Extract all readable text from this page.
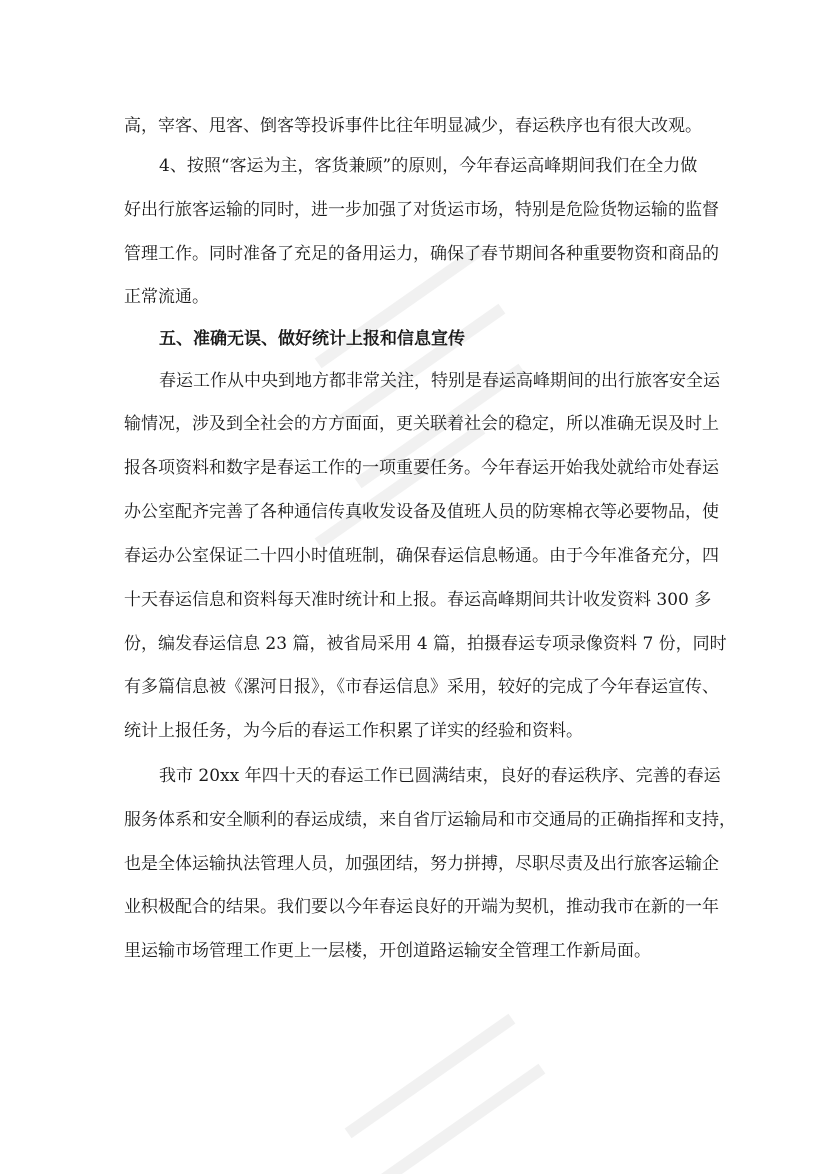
高，宰客、甩客、倒客等投诉事件比往年明显减少，春运秩序也有很大改观。
4、按照“客运为主，客货兼顾”的原则，今年春运高峰期间我们在全力做
好出行旅客运输的同时，进一步加强了对货运市场，特别是危险货物运输的监督
管理工作。同时准备了充足的备用运力，确保了春节期间各种重要物资和商品的
正常流通。
五、准确无误、做好统计上报和信息宣传
春运工作从中央到地方都非常关注，特别是春运高峰期间的出行旅客安全运
输情况，涉及到全社会的方方面面，更关联着社会的稳定，所以准确无误及时上
报各项资料和数字是春运工作的一项重要任务。今年春运开始我处就给市处春运
办公室配齐完善了各种通信传真收发设备及值班人员的防寒棉衣等必要物品，使
春运办公室保证二十四小时值班制，确保春运信息畅通。由于今年准备充分，四
十天春运信息和资料每天准时统计和上报。春运高峰期间共计收发资料 300 多
份，编发春运信息 23 篇，被省局采用 4 篇，拍摄春运专项录像资料 7 份，同时
有多篇信息被《漯河日报》，《市春运信息》采用，较好的完成了今年春运宣传、
统计上报任务，为今后的春运工作积累了详实的经验和资料。
我市 20xx 年四十天的春运工作已圆满结束，良好的春运秩序、完善的春运
服务体系和安全顺利的春运成绩，来自省厅运输局和市交通局的正确指挥和支持，
也是全体运输执法管理人员，加强团结，努力拼搏，尽职尽责及出行旅客运输企
业积极配合的结果。我们要以今年春运良好的开端为契机，推动我市在新的一年
里运输市场管理工作更上一层楼，开创道路运输安全管理工作新局面。
